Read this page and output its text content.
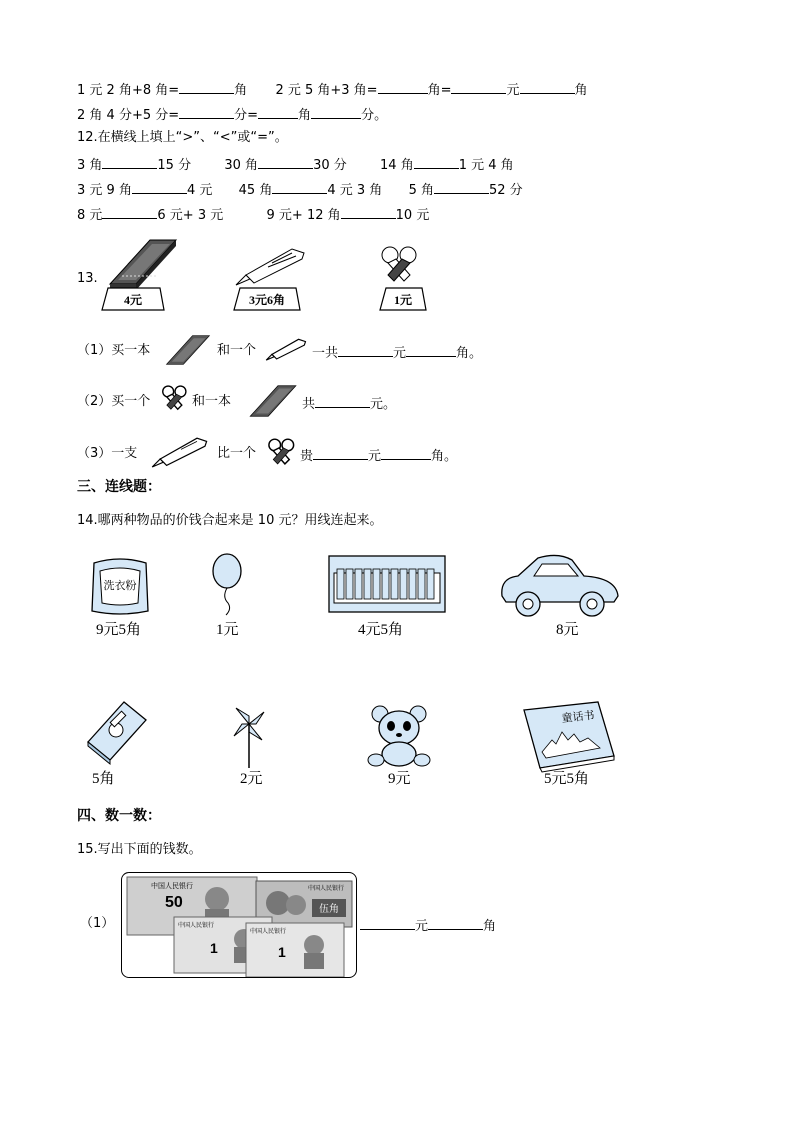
1 元 2 角+8 角=	角 2 元 5 角+3 角=	角=	元	角
2 角 4 分+5 分=	分=	角	分。
12.在横线上填上“>”、“<”或“=”。
3 角	15 分	30 角	30 分	14 角	1 元 4 角
3 元 9 角	4 元 45 角	4 元 3 角 5 角	52 分
8 元	6 元+ 3 元	9 元+ 12 角	10 元
13.
4元	3元6角	1元
（1）买一本	和一个	一共	元	角。
（2）买一个	和一本	共	元。
（3）一支	比一个	贵	元	角。
三、连线题：
14.哪两种物品的价钱合起来是 10 元？用线连起来。
洗衣粉
9元5角	1元	4元5角	8元
5角	2元	9元
童话书
5元5角
四、数一数：
15.写出下面的钱数。
（1）
中国人民银行
50
中国人民银行
伍角
中国人民银行
1
中国人民银行
1
元	角
